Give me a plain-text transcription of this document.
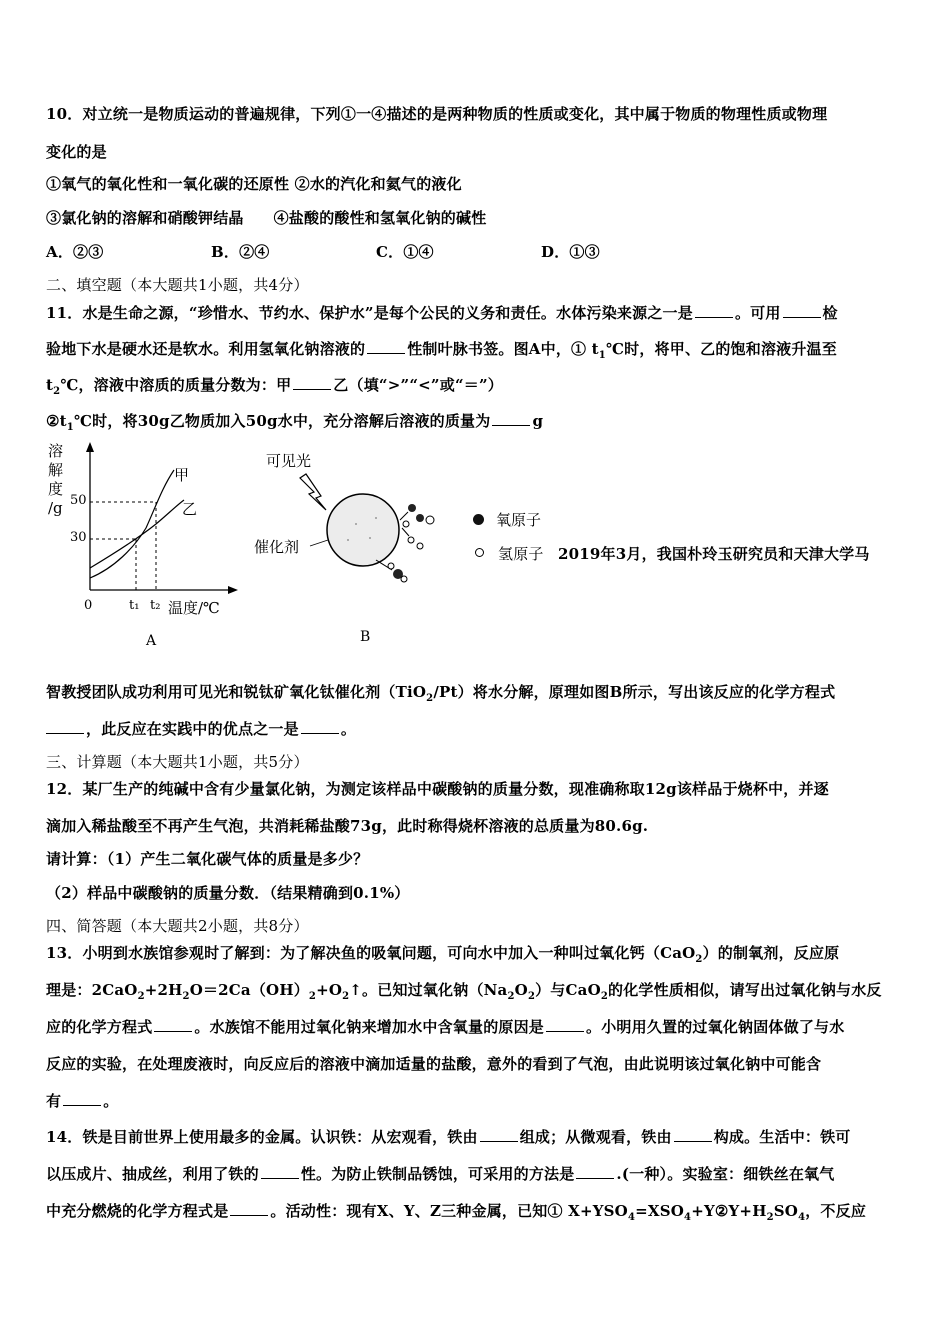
10．对立统一是物质运动的普遍规律，下列①一④描述的是两种物质的性质或变化，其中属于物质的物理性质或物理
变化的是
①氧气的氧化性和一氧化碳的还原性 ②水的汽化和氦气的液化
③氯化钠的溶解和硝酸钾结晶 ④盐酸的酸性和氢氧化钠的碱性
A．②③	B．②④	C．①④	D．①③
二、填空题（本大题共1小题，共4分）
11．水是生命之源，“珍惜水、节约水、保护水”是每个公民的义务和责任。水体污染来源之一是	。可用	检
验地下水是硬水还是软水。利用氢氧化钠溶液的	性制叶脉书签。图A中，① $t_1℃$时，将甲、乙的饱和溶液升温至
$t_2℃$，溶液中溶质的质量分数为：甲	乙（填“>”“<”或“＝”）
$②t_1℃$时，将30g乙物质加入50g水中，充分溶解后溶液的质量为	g
溶
解
度
/g 50
30
0	t₁ t₂ 温度/℃
甲
乙
A
可见光
催化剂
B
氧原子
氢原子 2019年3月，我国朴玲玉研究员和天津大学马
智教授团队成功利用可见光和锐钛矿氧化钛催化剂（TiO$_2$/Pt）将水分解，原理如图B所示，写出该反应的化学方程式
，此反应在实践中的优点之一是	。
三、计算题（本大题共1小题，共5分）
12．某厂生产的纯碱中含有少量氯化钠，为测定该样品中碳酸钠的质量分数，现准确称取12g该样品于烧杯中，并逐
滴加入稀盐酸至不再产生气泡，共消耗稀盐酸73g，此时称得烧杯溶液的总质量为80.6g.
请计算：（1）产生二氧化碳气体的质量是多少？
（2）样品中碳酸钠的质量分数．（结果精确到0.1%）
四、简答题（本大题共2小题，共8分）
13．小明到水族馆参观时了解到：为了解决鱼的吸氧问题，可向水中加入一种叫过氧化钙（CaO$_2$）的制氧剂，反应原
理是：$2CaO_2+2H_2O=2Ca(OH)_2+O_2↑$。已知过氧化钠$(Na_2O_2)$与CaO$_2$的化学性质相似，请写出过氧化钠与水反
应的化学方程式	。水族馆不能用过氧化钠来增加水中含氧量的原因是	。小明用久置的过氧化钠固体做了与水
反应的实验，在处理废液时，向反应后的溶液中滴加适量的盐酸，意外的看到了气泡，由此说明该过氧化钠中可能含
有	。
14．铁是目前世界上使用最多的金属。认识铁：从宏观看，铁由	组成；从微观看，铁由	构成。生活中：铁可
以压成片、抽成丝，利用了铁的	性。为防止铁制品锈蚀，可采用的方法是	.(一种）。实验室：细铁丝在氧气
中充分燃烧的化学方程式是	。活动性：现有X、Y、Z三种金属，已知① $X+YSO_4=XSO_4+Y②Y+H_2SO_4$，不反应
